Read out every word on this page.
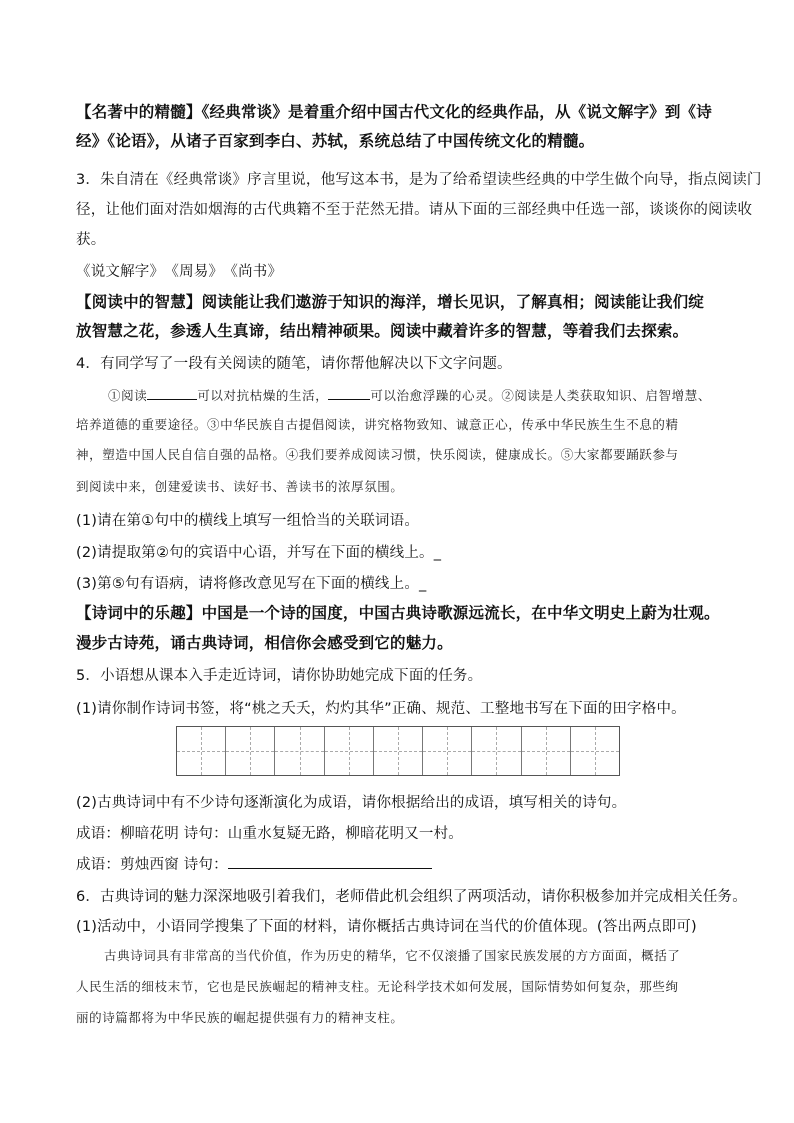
【名著中的精髓】《经典常谈》是着重介绍中国古代文化的经典作品，从《说文解字》到《诗
经》《论语》，从诸子百家到李白、苏轼，系统总结了中国传统文化的精髓。
3．朱自清在《经典常谈》序言里说，他写这本书，是为了给希望读些经典的中学生做个向导，指点阅读门
径，让他们面对浩如烟海的古代典籍不至于茫然无措。请从下面的三部经典中任选一部，谈谈你的阅读收
获。
《说文解字》　《周易》　《尚书》
【阅读中的智慧】阅读能让我们遨游于知识的海洋，增长见识，了解真相；阅读能让我们绽
放智慧之花，参透人生真谛，结出精神硕果。阅读中藏着许多的智慧，等着我们去探索。
4．有同学写了一段有关阅读的随笔，请你帮他解决以下文字问题。
①阅读	可以对抗枯燥的生活，	可以治愈浮躁的心灵。②阅读是人类获取知识、启智增慧、
培养道德的重要途径。③中华民族自古提倡阅读，讲究格物致知、诚意正心，传承中华民族生生不息的精
神，塑造中国人民自信自强的品格。④我们要养成阅读习惯，快乐阅读，健康成长。⑤大家都要踊跃参与
到阅读中来，创建爱读书、读好书、善读书的浓厚氛围。
(1)请在第①句中的横线上填写一组恰当的关联词语。
(2)请提取第②句的宾语中心语，并写在下面的横线上。_
(3)第⑤句有语病，请将修改意见写在下面的横线上。_
【诗词中的乐趣】中国是一个诗的国度，中国古典诗歌源远流长，在中华文明史上蔚为壮观。
漫步古诗苑，诵古典诗词，相信你会感受到它的魅力。
5．小语想从课本入手走近诗词，请你协助她完成下面的任务。
(1)请你制作诗词书签，将“桃之夭夭，灼灼其华”正确、规范、工整地书写在下面的田字格中。
(2)古典诗词中有不少诗句逐渐演化为成语，请你根据给出的成语，填写相关的诗句。
成语：柳暗花明 诗句：山重水复疑无路，柳暗花明又一村。
成语：剪烛西窗 诗句：
6．古典诗词的魅力深深地吸引着我们，老师借此机会组织了两项活动，请你积极参加并完成相关任务。
(1)活动中，小语同学搜集了下面的材料，请你概括古典诗词在当代的价值体现。(答出两点即可)
古典诗词具有非常高的当代价值，作为历史的精华，它不仅滚播了国家民族发展的方方面面，概括了
人民生活的细枝末节，它也是民族崛起的精神支柱。无论科学技术如何发展，国际情势如何复杂，那些绚
丽的诗篇都将为中华民族的崛起提供强有力的精神支柱。
